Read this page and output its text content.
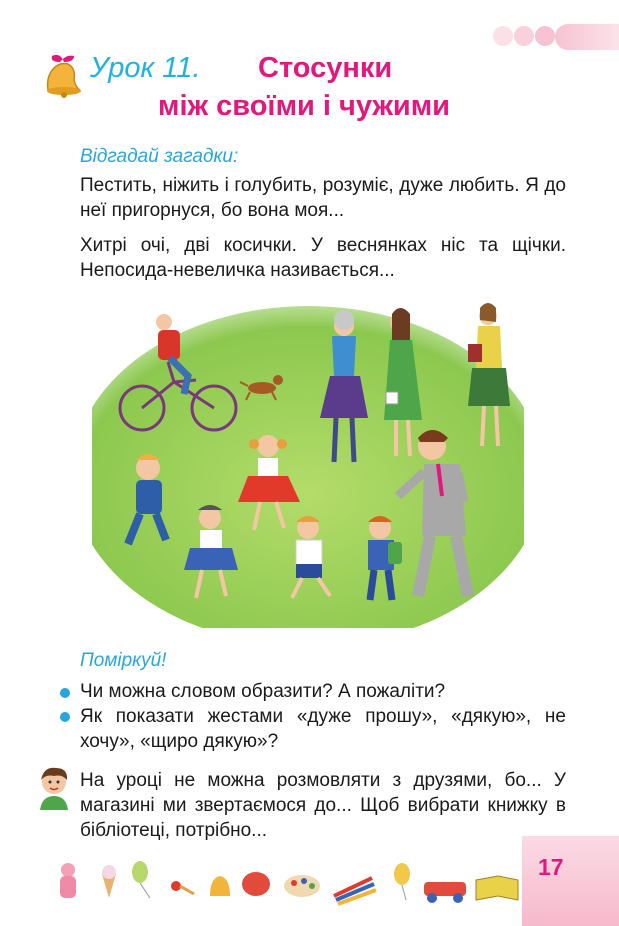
Урок 11. Стосунки
між своїми і чужими
Відгадай загадки:
Пестить, ніжить і голубить, розуміє, дуже любить. Я до неї пригорнуся, бо вона моя...
Хитрі очі, дві косички. У веснянках ніс та щічки. Непосида-невеличка називається...
Поміркуй!
Чи можна словом образити? А пожаліти?
Як показати жестами «дуже прошу», «дякую», не хочу», «щиро дякую»?
На уроці не можна розмовляти з друзями, бо... У магазині ми звертаємося до... Щоб вибрати книжку в бібліотеці, потрібно...
17
